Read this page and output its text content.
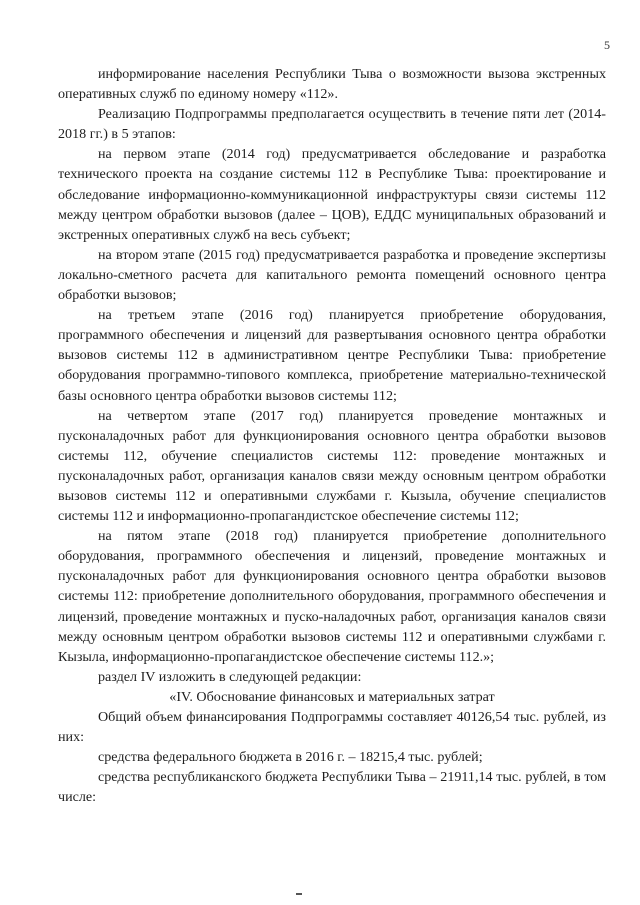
5

информирование населения Республики Тыва о возможности вызова экстренных оперативных служб по единому номеру «112».

Реализацию Подпрограммы предполагается осуществить в течение пяти лет (2014-2018 гг.) в 5 этапов:

на первом этапе (2014 год) предусматривается обследование и разработка технического проекта на создание системы 112 в Республике Тыва: проектирование и обследование информационно-коммуникационной инфраструктуры связи системы 112 между центром обработки вызовов (далее – ЦОВ), ЕДДС муниципальных образований и экстренных оперативных служб на весь субъект;

на втором этапе (2015 год) предусматривается разработка и проведение экспертизы локально-сметного расчета для капитального ремонта помещений основного центра обработки вызовов;

на третьем этапе (2016 год) планируется приобретение оборудования, программного обеспечения и лицензий для развертывания основного центра обработки вызовов системы 112 в административном центре Республики Тыва: приобретение оборудования программно-типового комплекса, приобретение материально-технической базы основного центра обработки вызовов системы 112;

на четвертом этапе (2017 год) планируется проведение монтажных и пусконаладочных работ для функционирования основного центра обработки вызовов системы 112, обучение специалистов системы 112: проведение монтажных и пусконаладочных работ, организация каналов связи между основным центром обработки вызовов системы 112 и оперативными службами г. Кызыла, обучение специалистов системы 112 и информационно-пропагандистское обеспечение системы 112;

на пятом этапе (2018 год) планируется приобретение дополнительного оборудования, программного обеспечения и лицензий, проведение монтажных и пусконаладочных работ для функционирования основного центра обработки вызовов системы 112: приобретение дополнительного оборудования, программного обеспечения и лицензий, проведение монтажных и пуско-наладочных работ, организация каналов связи между основным центром обработки вызовов системы 112 и оперативными службами г. Кызыла, информационно-пропагандистское обеспечение системы 112.»;

раздел IV изложить в следующей редакции:

«IV. Обоснование финансовых и материальных затрат

Общий объем финансирования Подпрограммы составляет 40126,54 тыс. рублей, из них:

средства федерального бюджета в 2016 г. – 18215,4 тыс. рублей;

средства республиканского бюджета Республики Тыва – 21911,14 тыс. рублей, в том числе:
